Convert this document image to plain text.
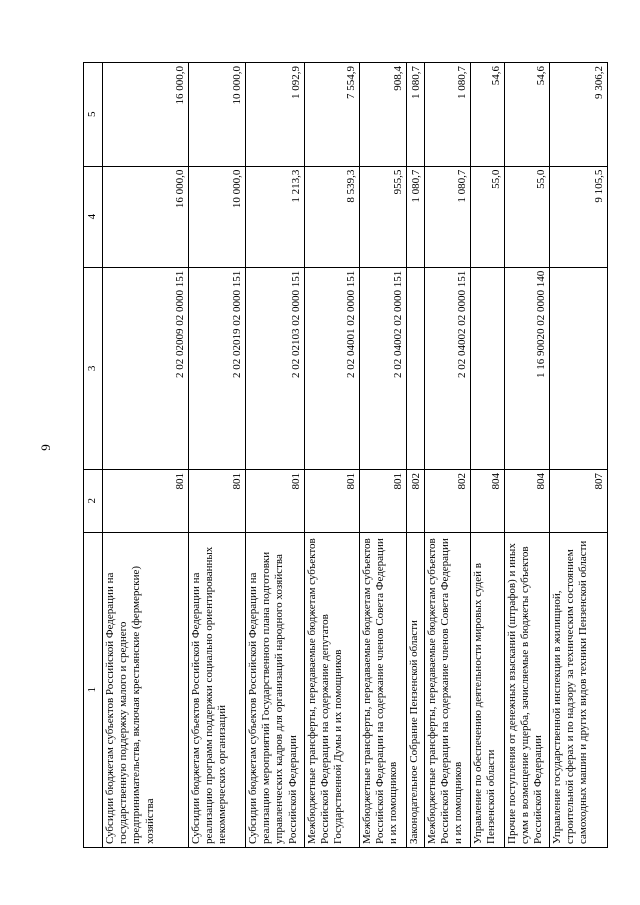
9
1	2	3	4	5
Субсидии бюджетам субъектов Российской Федерации на государственную поддержку малого и среднего предпринимательства, включая крестьянские (фермерские) хозяйства	801	2 02 02009 02 0000 151	16 000,0	16 000,0
Субсидии бюджетам субъектов Российской Федерации на реализацию программ поддержки социально ориентированных некоммерческих организаций	801	2 02 02019 02 0000 151	10 000,0	10 000,0
Субсидии бюджетам субъектов Российской Федерации на реализацию мероприятий Государственного плана подготовки управленческих кадров для организаций народного хозяйства Российской Федерации	801	2 02 02103 02 0000 151	1 213,3	1 092,9
Межбюджетные трансферты, передаваемые бюджетам субъектов Российской Федерации на содержание депутатов Государственной Думы и их помощников	801	2 02 04001 02 0000 151	8 539,3	7 554,9
Межбюджетные трансферты, передаваемые бюджетам субъектов Российской Федерации на содержание членов Совета Федерации и их помощников	801	2 02 04002 02 0000 151	955,5	908,4
Законодательное Собрание Пензенской области	802		1 080,7	1 080,7
Межбюджетные трансферты, передаваемые бюджетам субъектов Российской Федерации на содержание членов Совета Федерации и их помощников	802	2 02 04002 02 0000 151	1 080,7	1 080,7
Управление по обеспечению деятельности мировых судей в Пензенской области	804		55,0	54,6
Прочие поступления от денежных взысканий (штрафов) и иных сумм в возмещение ущерба, зачисляемые в бюджеты субъектов Российской Федерации	804	1 16 90020 02 0000 140	55,0	54,6
Управление государственной инспекции в жилищной, строительной сферах и по надзору за техническим состоянием самоходных машин и других видов техники Пензенской области	807		9 105,5	9 306,2
